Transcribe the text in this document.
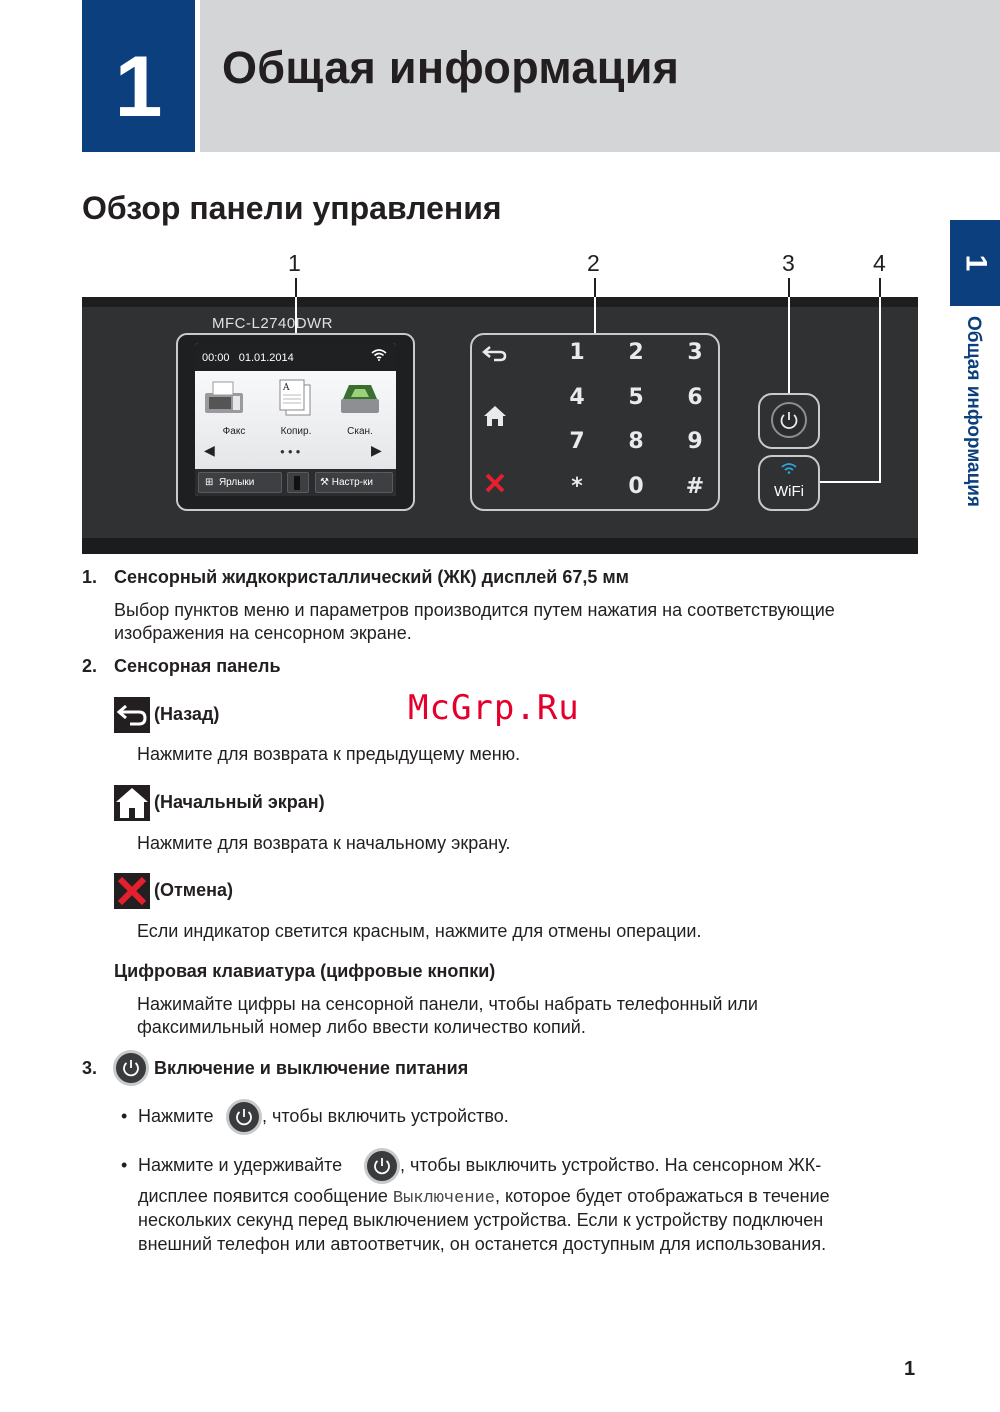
1 Общая информация
1
Общая информация
Обзор панели управления
1	2	3	4
MFC-L2740DWR
00:00 01.01.2014
A
Факс	Копир.	Скан.
◀	●●●	▶
⊞ Ярлыки	⚒ Настр-ки
1	2	3
4	5	6
7	8	9
*	0	#	WiFi
1. Сенсорный жидкокристаллический (ЖК) дисплей 67,5 мм
Выбор пунктов меню и параметров производится путем нажатия на соответствующие
изображения на сенсорном экране.
2. Сенсорная панель
(Назад)
Нажмите для возврата к предыдущему меню.
(Начальный экран)
Нажмите для возврата к начальному экрану.
(Отмена)
Если индикатор светится красным, нажмите для отмены операции.
Цифровая клавиатура (цифровые кнопки)
Нажимайте цифры на сенсорной панели, чтобы набрать телефонный или
факсимильный номер либо ввести количество копий.
3.	Включение и выключение питания
• Нажмите	, чтобы включить устройство.
• Нажмите и удерживайте	, чтобы выключить устройство. На сенсорном ЖК-
дисплее появится сообщение Выключение, которое будет отображаться в течение
нескольких секунд перед выключением устройства. Если к устройству подключен
внешний телефон или автоответчик, он останется доступным для использования.
McGrp.Ru
1
